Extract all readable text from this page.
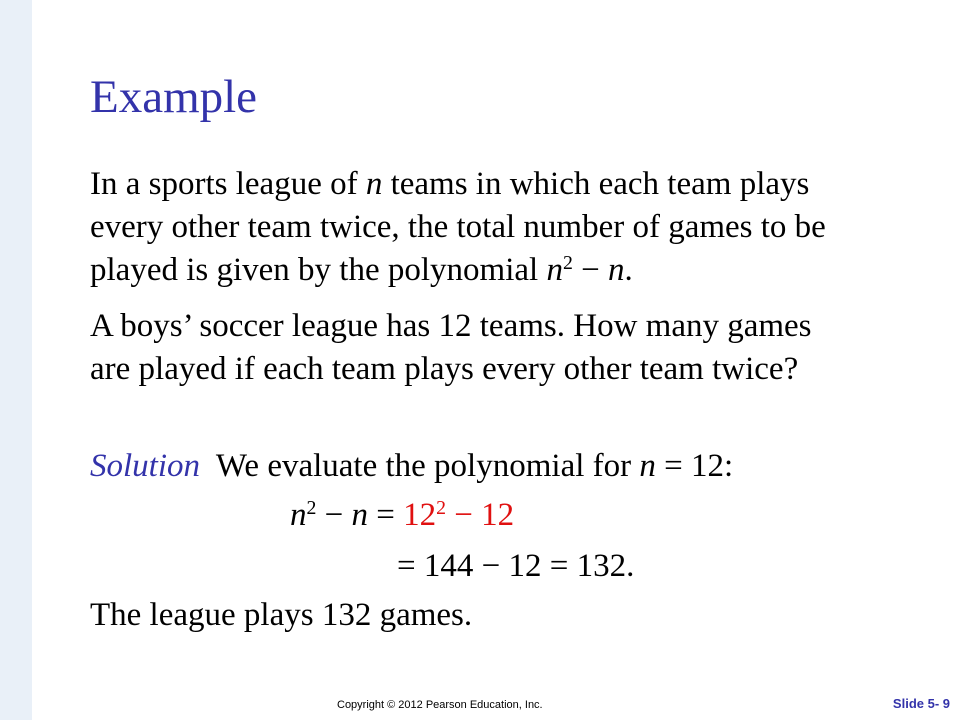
Example
In a sports league of n teams in which each team plays
every other team twice, the total number of games to be
played is given by the polynomial $n^2 - n$.
A boys’ soccer league has 12 teams. How many games
are played if each team plays every other team twice?
Solution  We evaluate the polynomial for n = 12:
$n^2 - n = 12^2 - 12$
= 144 − 12 = 132.
The league plays 132 games.
Copyright © 2012 Pearson Education, Inc.	Slide 5- 9
